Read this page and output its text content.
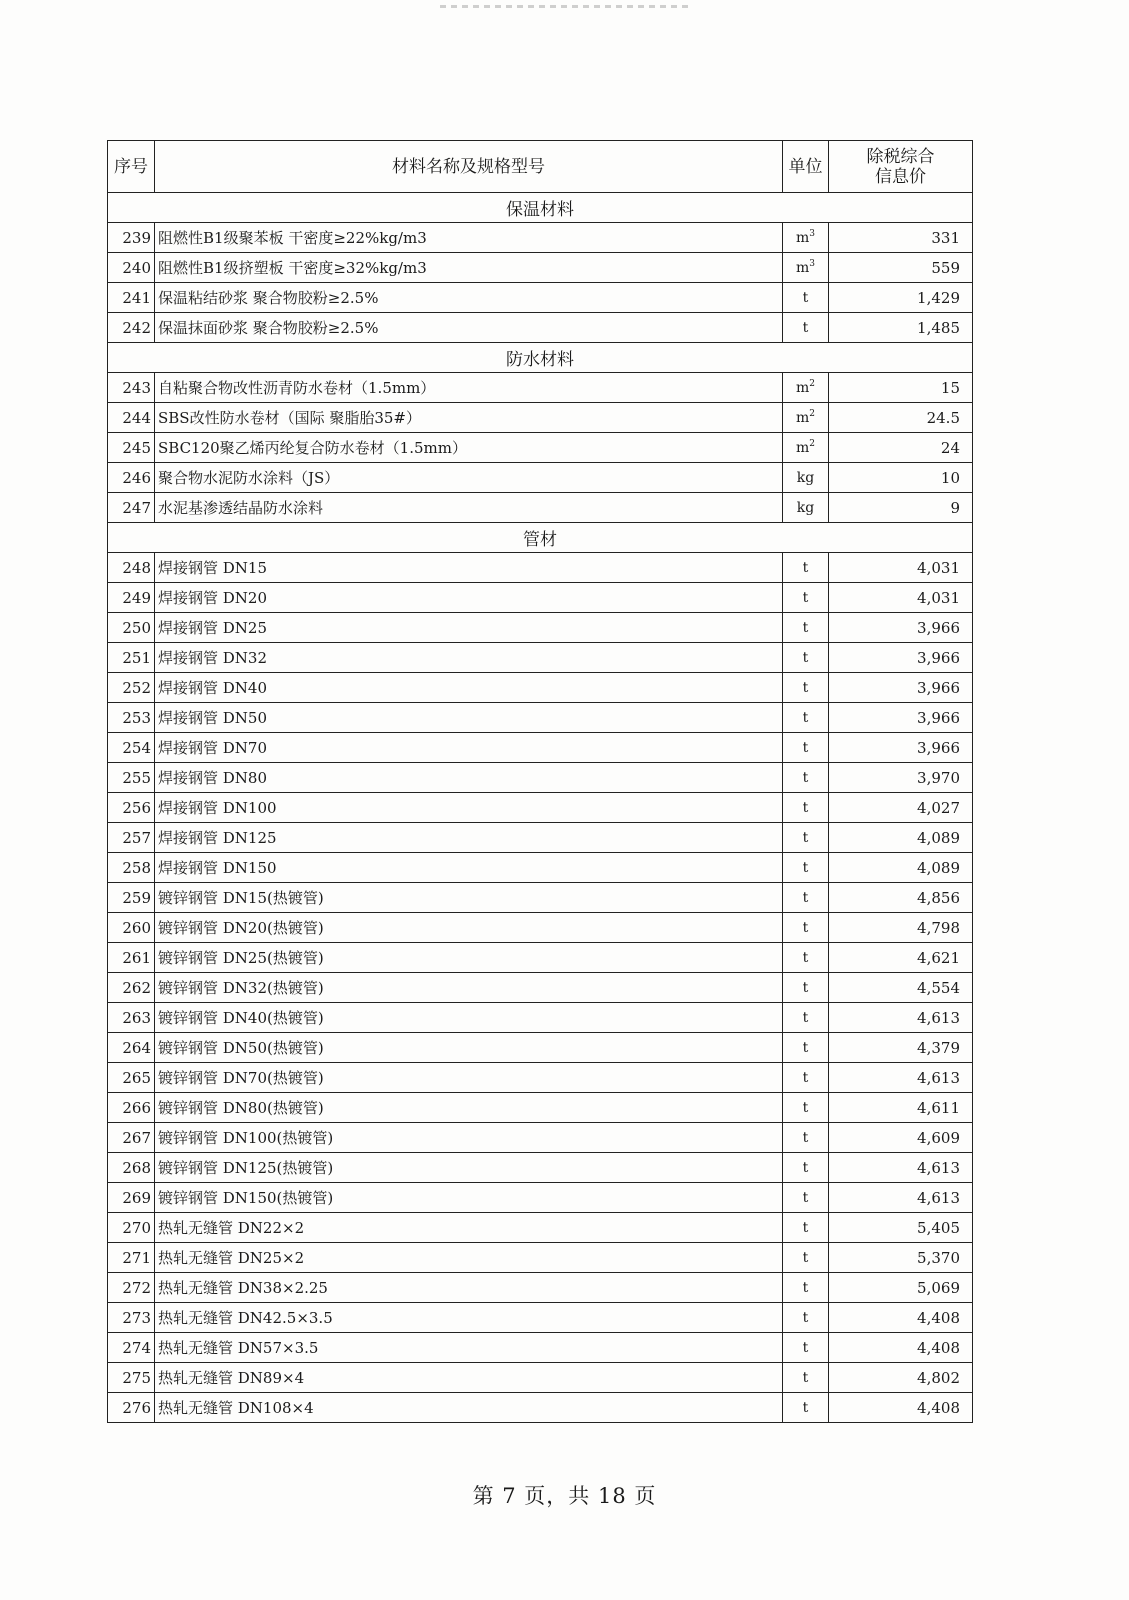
序号	材料名称及规格型号	单位	除税综合
信息价

保温材料			
239	阻燃性B1级聚苯板 干密度≥22%kg/m3	$m^3$	331
240	阻燃性B1级挤塑板 干密度≥32%kg/m3	$m^3$	559
241	保温粘结砂浆 聚合物胶粉≥2.5%	t	1,429
242	保温抹面砂浆 聚合物胶粉≥2.5%	t	1,485
防水材料			
243	自粘聚合物改性沥青防水卷材（1.5mm）	$m^2$	15
244	SBS改性防水卷材（国际 聚脂胎35#）	$m^2$	24.5
245	SBC120聚乙烯丙纶复合防水卷材（1.5mm）	$m^2$	24
246	聚合物水泥防水涂料（JS）	kg	10
247	水泥基渗透结晶防水涂料	kg	9
管材			
248	焊接钢管 DN15	t	4,031
249	焊接钢管 DN20	t	4,031
250	焊接钢管 DN25	t	3,966
251	焊接钢管 DN32	t	3,966
252	焊接钢管 DN40	t	3,966
253	焊接钢管 DN50	t	3,966
254	焊接钢管 DN70	t	3,966
255	焊接钢管 DN80	t	3,970
256	焊接钢管 DN100	t	4,027
257	焊接钢管 DN125	t	4,089
258	焊接钢管 DN150	t	4,089
259	镀锌钢管 DN15(热镀管)	t	4,856
260	镀锌钢管 DN20(热镀管)	t	4,798
261	镀锌钢管 DN25(热镀管)	t	4,621
262	镀锌钢管 DN32(热镀管)	t	4,554
263	镀锌钢管 DN40(热镀管)	t	4,613
264	镀锌钢管 DN50(热镀管)	t	4,379
265	镀锌钢管 DN70(热镀管)	t	4,613
266	镀锌钢管 DN80(热镀管)	t	4,611
267	镀锌钢管 DN100(热镀管)	t	4,609
268	镀锌钢管 DN125(热镀管)	t	4,613
269	镀锌钢管 DN150(热镀管)	t	4,613
270	热轧无缝管 DN22×2	t	5,405
271	热轧无缝管 DN25×2	t	5,370
272	热轧无缝管 DN38×2.25	t	5,069
273	热轧无缝管 DN42.5×3.5	t	4,408
274	热轧无缝管 DN57×3.5	t	4,408
275	热轧无缝管 DN89×4	t	4,802
276	热轧无缝管 DN108×4	t	4,408
第 7 页，共 18 页
